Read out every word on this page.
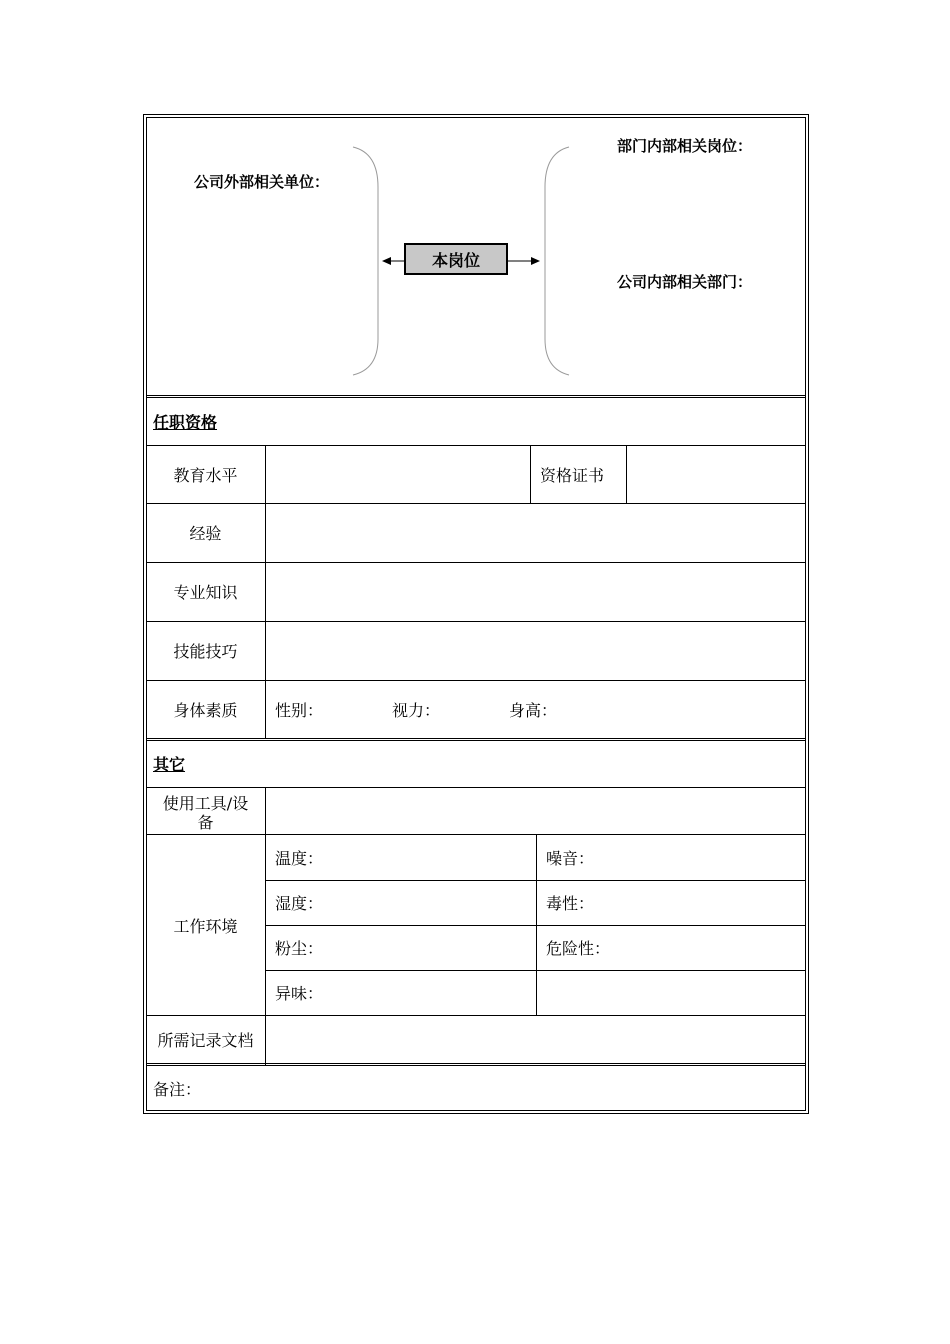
公司外部相关单位：
部门内部相关岗位：
公司内部相关部门：
本岗位
任职资格
教育水平	资格证书
经验
专业知识
技能技巧
身体素质	性别：	视力：	身高：
其它
使用工具/设
备
工作环境
温度：	噪音：
湿度：	毒性：
粉尘：	危险性：
异味：
所需记录文档
备注：
